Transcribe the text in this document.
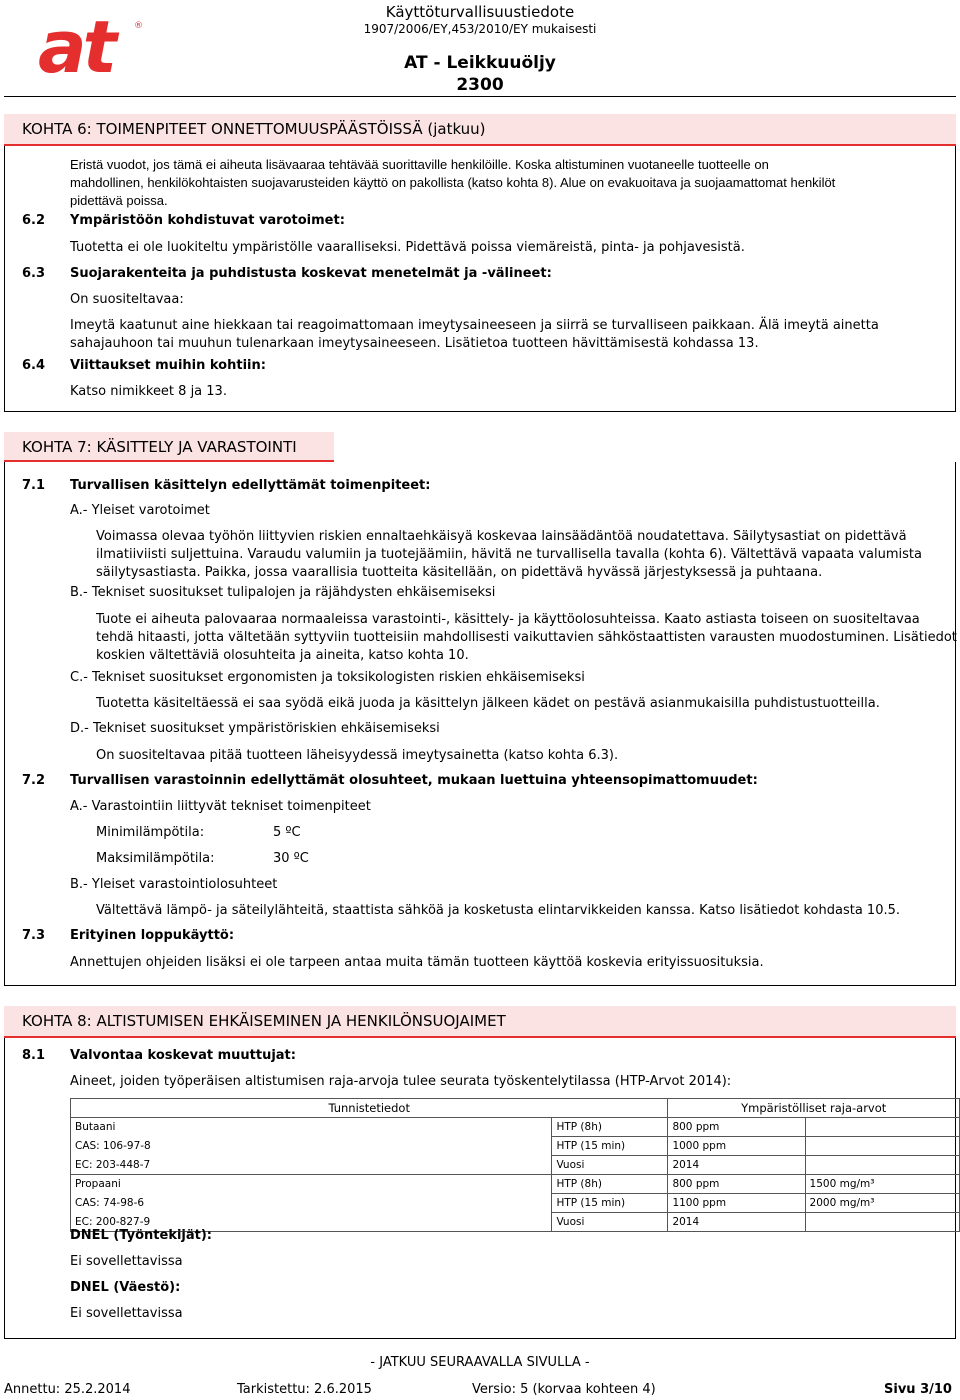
at	®
Käyttöturvallisuustiedote
1907/2006/EY,453/2010/EY mukaisesti
AT - Leikkuuöljy
2300
KOHTA 6: TOIMENPITEET ONNETTOMUUSPÄÄSTÖISSÄ (jatkuu)
Eristä vuodot, jos tämä ei aiheuta lisävaaraa tehtävää suorittaville henkilöille. Koska altistuminen vuotaneelle tuotteelle on
mahdollinen, henkilökohtaisten suojavarusteiden käyttö on pakollista (katso kohta 8). Alue on evakuoitava ja suojaamattomat henkilöt
pidettävä poissa.
6.2 Ympäristöön kohdistuvat varotoimet:
Tuotetta ei ole luokiteltu ympäristölle vaaralliseksi. Pidettävä poissa viemäreistä, pinta- ja pohjavesistä.
6.3 Suojarakenteita ja puhdistusta koskevat menetelmät ja -välineet:
On suositeltavaa:
Imeytä kaatunut aine hiekkaan tai reagoimattomaan imeytysaineeseen ja siirrä se turvalliseen paikkaan. Älä imeytä ainetta
sahajauhoon tai muuhun tulenarkaan imeytysaineeseen. Lisätietoa tuotteen hävittämisestä kohdassa 13.
6.4 Viittaukset muihin kohtiin:
Katso nimikkeet 8 ja 13.
KOHTA 7: KÄSITTELY JA VARASTOINTI
7.1 Turvallisen käsittelyn edellyttämät toimenpiteet:
A.- Yleiset varotoimet
Voimassa olevaa työhön liittyvien riskien ennaltaehkäisyä koskevaa lainsäädäntöä noudatettava. Säilytysastiat on pidettävä
ilmatiiviisti suljettuina. Varaudu valumiin ja tuotejäämiin, hävitä ne turvallisella tavalla (kohta 6). Vältettävä vapaata valumista
säilytysastiasta. Paikka, jossa vaarallisia tuotteita käsitellään, on pidettävä hyvässä järjestyksessä ja puhtaana.
B.- Tekniset suositukset tulipalojen ja räjähdysten ehkäisemiseksi
Tuote ei aiheuta palovaaraa normaaleissa varastointi-, käsittely- ja käyttöolosuhteissa. Kaato astiasta toiseen on suositeltavaa
tehdä hitaasti, jotta vältetään syttyviin tuotteisiin mahdollisesti vaikuttavien sähköstaattisten varausten muodostuminen. Lisätiedot
koskien vältettäviä olosuhteita ja aineita, katso kohta 10.
C.- Tekniset suositukset ergonomisten ja toksikologisten riskien ehkäisemiseksi
Tuotetta käsiteltäessä ei saa syödä eikä juoda ja käsittelyn jälkeen kädet on pestävä asianmukaisilla puhdistustuotteilla.
D.- Tekniset suositukset ympäristöriskien ehkäisemiseksi
On suositeltavaa pitää tuotteen läheisyydessä imeytysainetta (katso kohta 6.3).
7.2 Turvallisen varastoinnin edellyttämät olosuhteet, mukaan luettuina yhteensopimattomuudet:
A.- Varastointiin liittyvät tekniset toimenpiteet
Minimilämpötila:	5 ºC
Maksimilämpötila:	30 ºC
B.- Yleiset varastointiolosuhteet
Vältettävä lämpö- ja säteilylähteitä, staattista sähköä ja kosketusta elintarvikkeiden kanssa. Katso lisätiedot kohdasta 10.5.
7.3 Erityinen loppukäyttö:
Annettujen ohjeiden lisäksi ei ole tarpeen antaa muita tämän tuotteen käyttöä koskevia erityissuosituksia.
KOHTA 8: ALTISTUMISEN EHKÄISEMINEN JA HENKILÖNSUOJAIMET
8.1 Valvontaa koskevat muuttujat:
Aineet, joiden työperäisen altistumisen raja-arvoja tulee seurata työskentelytilassa (HTP-Arvot 2014):
Tunnistetiedot		Ympäristölliset raja-arvot	
Butaani	HTP (8h)	800 ppm	
CAS: 106-97-8	HTP (15 min)	1000 ppm	
EC: 203-448-7	Vuosi	2014	
Propaani	HTP (8h)	800 ppm	1500 mg/m³
CAS: 74-98-6	HTP (15 min)	1100 ppm	2000 mg/m³
EC: 200-827-9	Vuosi	2014	
DNEL (Työntekijät):
Ei sovellettavissa
DNEL (Väestö):
Ei sovellettavissa
- JATKUU SEURAAVALLA SIVULLA -
Annettu: 25.2.2014	Tarkistettu: 2.6.2015	Versio: 5 (korvaa kohteen 4)	Sivu 3/10
